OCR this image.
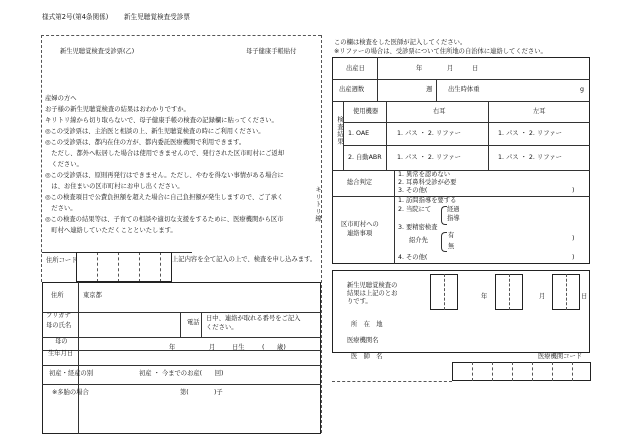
様式第2号(第4条関係) 新生児聴覚検査受診票
新生児聴覚検査受診票(乙)	母子健康手帳貼付
産婦の方へ
お子様の新生児聴覚検査の結果はおわかりですか。
キリトリ線から切り取らないで、母子健康手帳の検査の記録欄に貼ってください。
◎この受診票は、主治医と相談の上、新生児聴覚検査の時にご利用ください。
◎この受診票は、都内在住の方が、都内委託医療機関で利用できます。
　ただし、都外へ転居した場合は使用できませんので、発行された区市町村にご返却
　ください。
◎この受診票は、原則再発行はできません。ただし、やむを得ない事情がある場合に
　は、お住まいの区市町村にお申し出ください。
◎この検査項目で公費負担額を超えた場合に自己負担額が発生しますので、ご了承く
　ださい。
◎この検査の結果等は、子育ての相談や適切な支援をするために、医療機関から区市
　町村へ連絡していただくことといたします。
キリトリ線
住所コード	上記内容を全て記入の上で、検査を申し込みます。
住所	東京都
フリガナ
母の氏名	電話
日中、連絡が取れる番号をご記入
ください。
母の
生年月日
年	月	日生	(　　歳)
初産・経産の別	初産 ・ 今までのお産(　　回)
※多胎の場合	第(　　　　)子
この欄は検査をした医師が記入してください。
※リファーの場合は、受診票について住所地の自治体に連絡してください。
出産日	年	月	日
出産週数	週 出生時体重	g
検査結果
使用機器	右耳	左耳
1. OAE	1. パス ・ 2. リファー	1. パス ・ 2. リファー
2. 自動ABR 1. パス ・ 2. リファー	1. パス ・ 2. リファー
総合判定
1. 異常を認めない
2. 耳鼻科受診が必要
3. その他(	)
区市町村への
連絡事項
1. 訪問指導を要する
2. 当院にて	経過
指導
3. 要精密検査
紹介先
有
無
)
4. その他(	)
新生児聴覚検査の
結果は上記のとお
りです。
年	月	日
所　在　地
医療機関名
医　師　名	医療機関コード
